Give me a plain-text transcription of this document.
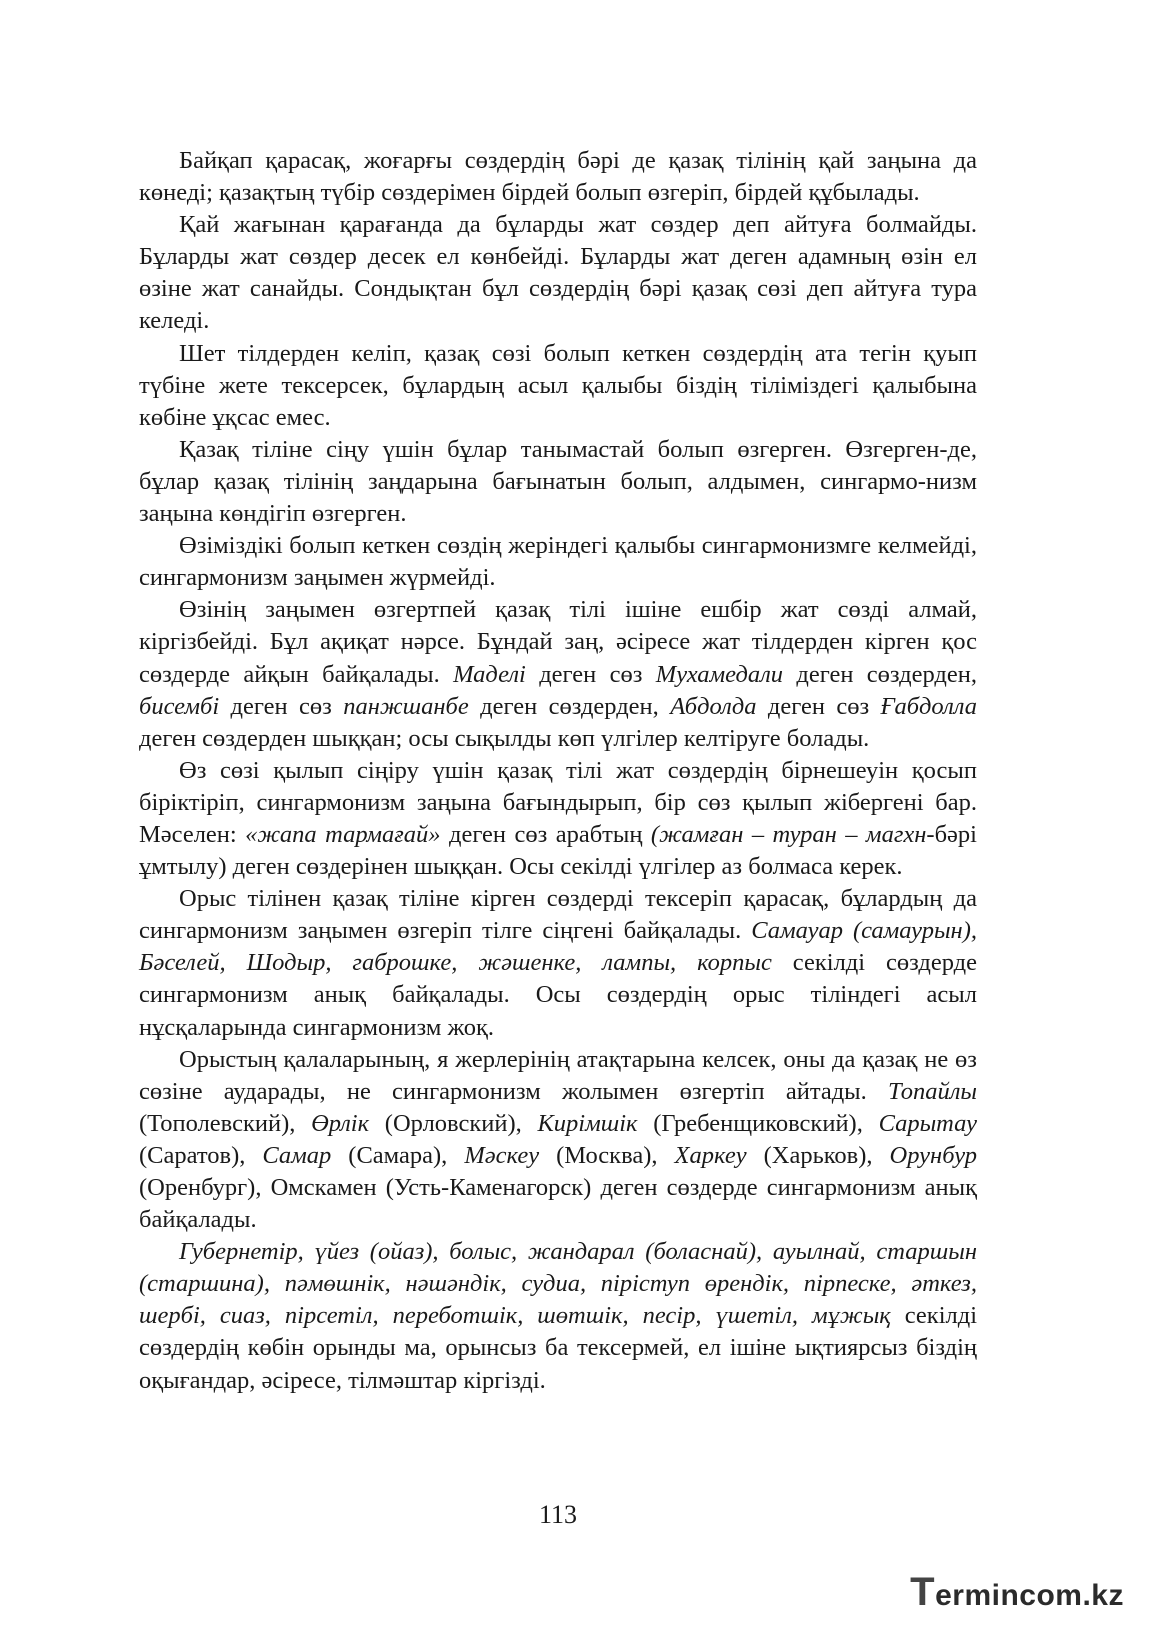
Байқап қарасақ, жоғарғы сөздердің бәрі де қазақ тілінің қай заңына да көнеді; қазақтың түбір сөздерімен бірдей болып өзгеріп, бірдей құбылады.

Қай жағынан қарағанда да бұларды жат сөздер деп айтуға болмайды. Бұларды жат сөздер десек ел көнбейді. Бұларды жат деген адамның өзін ел өзіне жат санайды. Сондықтан бұл сөздердің бәрі қазақ сөзі деп айтуға тура келеді.

Шет тілдерден келіп, қазақ сөзі болып кеткен сөздердің ата тегін қуып түбіне жете тексерсек, бұлардың асыл қалыбы біздің тіліміздегі қалыбына көбіне ұқсас емес.

Қазақ тіліне сіңу үшін бұлар танымастай болып өзгерген. Өзгерген-де, бұлар қазақ тілінің заңдарына бағынатын болып, алдымен, сингармо-низм заңына көндігіп өзгерген.

Өзіміздікі болып кеткен сөздің жеріндегі қалыбы сингармонизмге келмейді, сингармонизм заңымен жүрмейді.

Өзінің заңымен өзгертпей қазақ тілі ішіне ешбір жат сөзді алмай, кіргізбейді. Бұл ақиқат нәрсе. Бұндай заң, әсіресе жат тілдерден кірген қос сөздерде айқын байқалады. Маделі деген сөз Мухамедали деген сөздерден, бисембі деген сөз панжшанбе деген сөздерден, Абдолда деген сөз Ғабдолла деген сөздерден шыққан; осы сықылды көп үлгілер келтіруге болады.

Өз сөзі қылып сіңіру үшін қазақ тілі жат сөздердің бірнешеуін қосып біріктіріп, сингармонизм заңына бағындырып, бір сөз қылып жібергені бар. Мәселен: «жапа тармағай» деген сөз арабтың (жамған – туран – магхн-бәрі ұмтылу) деген сөздерінен шыққан. Осы секілді үлгілер аз болмаса керек.

Орыс тілінен қазақ тіліне кірген сөздерді тексеріп қарасақ, бұлардың да сингармонизм заңымен өзгеріп тілге сіңгені байқалады. Самауар (самаурын), Бәселей, Шодыр, габрошке, жәшенке, лампы, корпыс секілді сөздерде сингармонизм анық байқалады. Осы сөздердің орыс тіліндегі асыл нұсқаларында сингармонизм жоқ.

Орыстың қалаларының, я жерлерінің атақтарына келсек, оны да қазақ не өз сөзіне аударады, не сингармонизм жолымен өзгертіп айтады. Топайлы (Тополевский), Өрлік (Орловский), Кирімшік (Гребенщиковский), Сарытау (Саратов), Самар (Самара), Мәскеу (Москва), Харкеу (Харьков), Орунбур (Оренбург), Омскамен (Усть-Каменагорск) деген сөздерде сингармонизм анық байқалады.

Губернетір, үйез (ойаз), болыс, жандарал (боласнай), ауылнай, старшын (старшина), пәмөшнік, нәшәндік, судиа, піріступ өрендік, пірпеске, әткез, шербі, сиаз, пірсетіл, переботшік, шөтшік, песір, үшетіл, мұжық секілді сөздердің көбін орынды ма, орынсыз ба тексермей, ел ішіне ықтиярсыз біздің оқығандар, әсіресе, тілмәштар кіргізді.

113
Termincom.kz
